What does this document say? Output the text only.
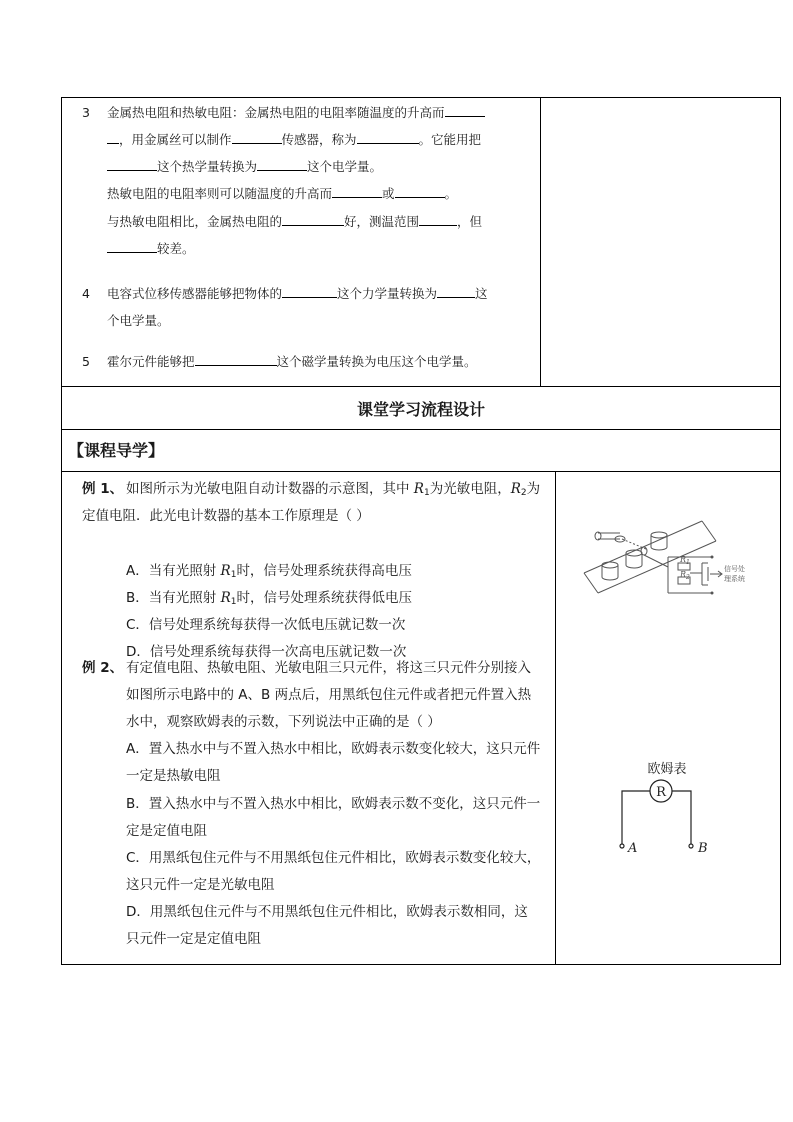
3 金属热电阻和热敏电阻：金属热电阻的电阻率随温度的升高而
，用金属丝可以制作	传感器，称为	。它能用把
这个热学量转换为	这个电学量。
热敏电阻的电阻率则可以随温度的升高而	或	。
与热敏电阻相比，金属热电阻的	好，测温范围	，但
较差。
4 电容式位移传感器能够把物体的	这个力学量转换为	这
个电学量。
5 霍尔元件能够把	这个磁学量转换为电压这个电学量。
课堂学习流程设计
【课程导学】
例 1、 如图所示为光敏电阻自动计数器的示意图，其中 $R_1$为光敏电阻，$R_2$为
定值电阻．此光电计数器的基本工作原理是（ ）
A．当有光照射 $R_1$时，信号处理系统获得高电压
B．当有光照射 $R_1$时，信号处理系统获得低电压
C．信号处理系统每获得一次低电压就记数一次
D．信号处理系统每获得一次高电压就记数一次
$R_1$
$R_2$
信号处
理系统
例 2、 有定值电阻、热敏电阻、光敏电阻三只元件，将这三只元件分别接入
如图所示电路中的 A、B 两点后，用黑纸包住元件或者把元件置入热
水中，观察欧姆表的示数，下列说法中正确的是（ ）
A．置入热水中与不置入热水中相比，欧姆表示数变化较大，这只元件
一定是热敏电阻
B．置入热水中与不置入热水中相比，欧姆表示数不变化，这只元件一
定是定值电阻
C．用黑纸包住元件与不用黑纸包住元件相比，欧姆表示数变化较大，
这只元件一定是光敏电阻
D．用黑纸包住元件与不用黑纸包住元件相比，欧姆表示数相同，这
只元件一定是定值电阻
欧姆表
R
A	B
